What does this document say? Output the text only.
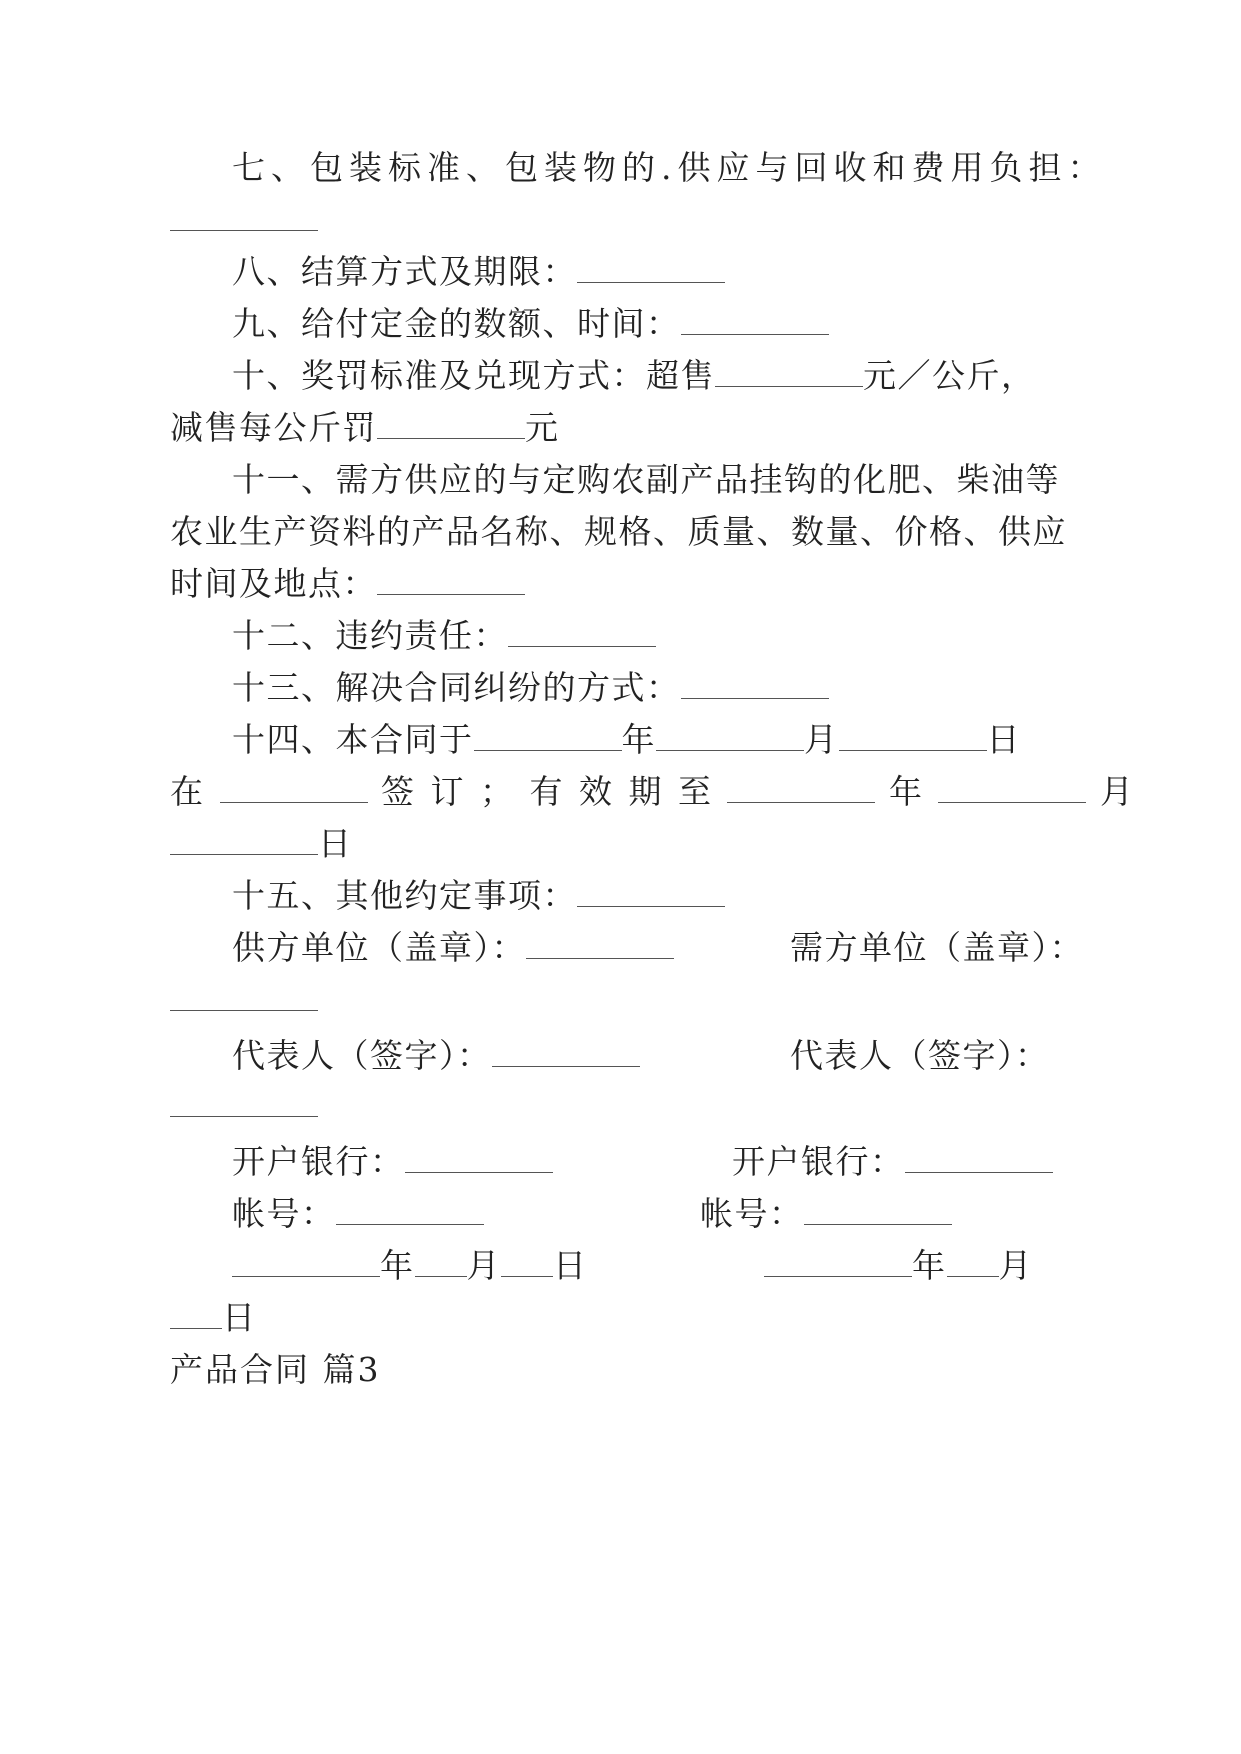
七、包装标准、包装物的.供应与回收和费用负担：
八、结算方式及期限：
九、给付定金的数额、时间：
十、奖罚标准及兑现方式：超售	元／公斤，
减售每公斤罚	元
十一、需方供应的与定购农副产品挂钩的化肥、柴油等
农业生产资料的产品名称、规格、质量、数量、价格、供应
时间及地点：
十二、违约责任：
十三、解决合同纠纷的方式：
十四、本合同于	年	月	日
在	签 订 ； 有 效 期 至	年	月
日
十五、其他约定事项：
供方单位（盖章）：	需方单位（盖章）：
代表人（签字）：	代表人（签字）：
开户银行：	开户银行：
帐号：	帐号：
年 月 日	年 月
日
产品合同 篇3
